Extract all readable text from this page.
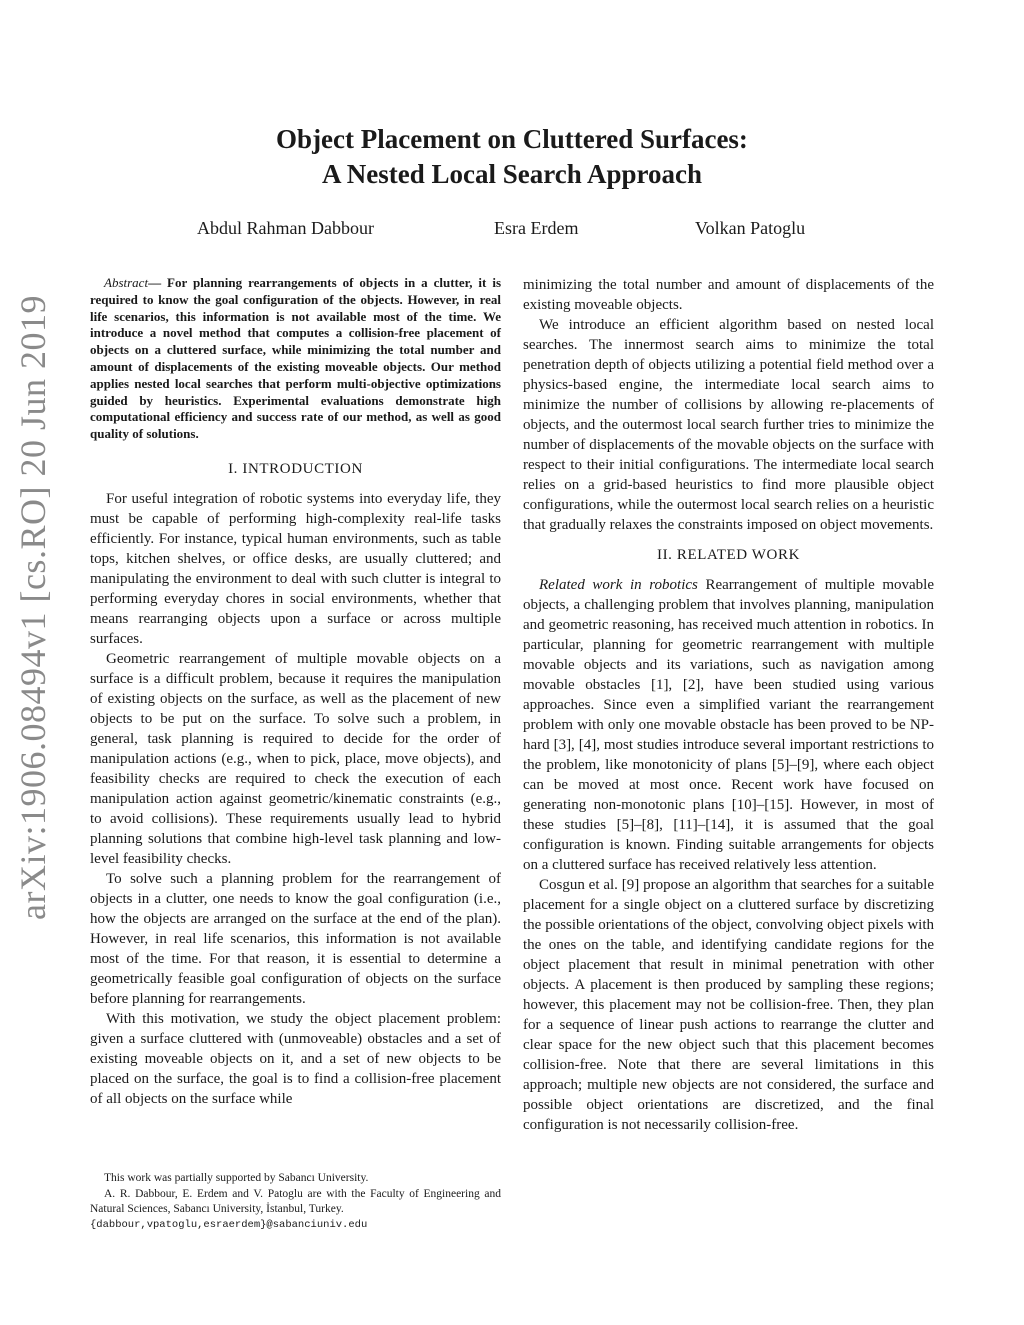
arXiv:1906.08494v1 [cs.RO] 20 Jun 2019
Object Placement on Cluttered Surfaces:
A Nested Local Search Approach
Abdul Rahman Dabbour	Esra Erdem	Volkan Patoglu

Abstract— For planning rearrangements of objects in a clutter, it is required to know the goal configuration of the objects. However, in real life scenarios, this information is not available most of the time. We introduce a novel method that computes a collision-free placement of objects on a cluttered surface, while minimizing the total number and amount of displacements of the existing moveable objects. Our method applies nested local searches that perform multi-objective optimizations guided by heuristics. Experimental evaluations demonstrate high computational efficiency and success rate of our method, as well as good quality of solutions.

I. INTRODUCTION

For useful integration of robotic systems into everyday life, they must be capable of performing high-complexity real-life tasks efficiently. For instance, typical human environments, such as table tops, kitchen shelves, or office desks, are usually cluttered; and manipulating the environment to deal with such clutter is integral to performing everyday chores in social environments, whether that means rearranging objects upon a surface or across multiple surfaces.

Geometric rearrangement of multiple movable objects on a surface is a difficult problem, because it requires the manipulation of existing objects on the surface, as well as the placement of new objects to be put on the surface. To solve such a problem, in general, task planning is required to decide for the order of manipulation actions (e.g., when to pick, place, move objects), and feasibility checks are required to check the execution of each manipulation action against geometric/kinematic constraints (e.g., to avoid collisions). These requirements usually lead to hybrid planning solutions that combine high-level task planning and low-level feasibility checks.

To solve such a planning problem for the rearrangement of objects in a clutter, one needs to know the goal configuration (i.e., how the objects are arranged on the surface at the end of the plan). However, in real life scenarios, this information is not available most of the time. For that reason, it is essential to determine a geometrically feasible goal configuration of objects on the surface before planning for rearrangements.

With this motivation, we study the object placement problem: given a surface cluttered with (unmoveable) obstacles and a set of existing moveable objects on it, and a set of new objects to be placed on the surface, the goal is to find a collision-free placement of all objects on the surface while

This work was partially supported by Sabancı University.

A. R. Dabbour, E. Erdem and V. Patoglu are with the Faculty of Engineering and Natural Sciences, Sabancı University, İstanbul, Turkey.

{dabbour,vpatoglu,esraerdem}@sabanciuniv.edu

minimizing the total number and amount of displacements of the existing moveable objects.

We introduce an efficient algorithm based on nested local searches. The innermost search aims to minimize the total penetration depth of objects utilizing a potential field method over a physics-based engine, the intermediate local search aims to minimize the number of collisions by allowing re-placements of objects, and the outermost local search further tries to minimize the number of displacements of the movable objects on the surface with respect to their initial configurations. The intermediate local search relies on a grid-based heuristics to find more plausible object configurations, while the outermost local search relies on a heuristic that gradually relaxes the constraints imposed on object movements.

II. RELATED WORK

Related work in robotics Rearrangement of multiple movable objects, a challenging problem that involves planning, manipulation and geometric reasoning, has received much attention in robotics. In particular, planning for geometric rearrangement with multiple movable objects and its variations, such as navigation among movable obstacles [1], [2], have been studied using various approaches. Since even a simplified variant the rearrangement problem with only one movable obstacle has been proved to be NP-hard [3], [4], most studies introduce several important restrictions to the problem, like monotonicity of plans [5]–[9], where each object can be moved at most once. Recent work have focused on generating non-monotonic plans [10]–[15]. However, in most of these studies [5]–[8], [11]–[14], it is assumed that the goal configuration is known. Finding suitable arrangements for objects on a cluttered surface has received relatively less attention.

Cosgun et al. [9] propose an algorithm that searches for a suitable placement for a single object on a cluttered surface by discretizing the possible orientations of the object, convolving object pixels with the ones on the table, and identifying candidate regions for the object placement that result in minimal penetration with other objects. A placement is then produced by sampling these regions; however, this placement may not be collision-free. Then, they plan for a sequence of linear push actions to rearrange the clutter and clear space for the new object such that this placement becomes collision-free. Note that there are several limitations in this approach; multiple new objects are not considered, the surface and possible object orientations are discretized, and the final configuration is not necessarily collision-free.
